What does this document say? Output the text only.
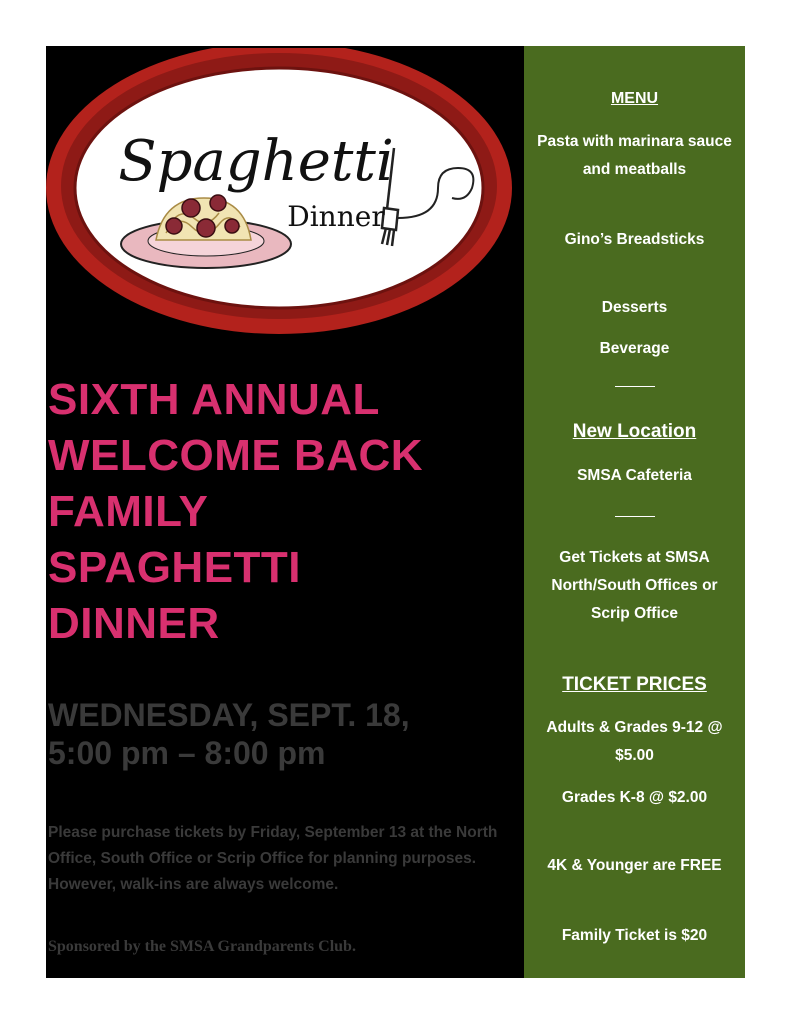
Spaghetti
Dinner
SIXTH ANNUAL
WELCOME BACK
FAMILY
SPAGHETTI
DINNER
WEDNESDAY, SEPT. 18,
5:00 pm – 8:00 pm
Please purchase tickets by Friday, September 13 at the North Office, South Office or Scrip Office for planning purposes. However, walk-ins are always welcome.
Sponsored by the SMSA Grandparents Club.
MENU
Pasta with marinara sauce and meatballs
Gino’s Breadsticks
Desserts
Beverage
New Location
SMSA Cafeteria
Get Tickets at SMSA North/South Offices or Scrip Office
TICKET PRICES
Adults & Grades 9-12 @ $5.00
Grades K-8 @ $2.00
4K & Younger are FREE
Family Ticket is $20
